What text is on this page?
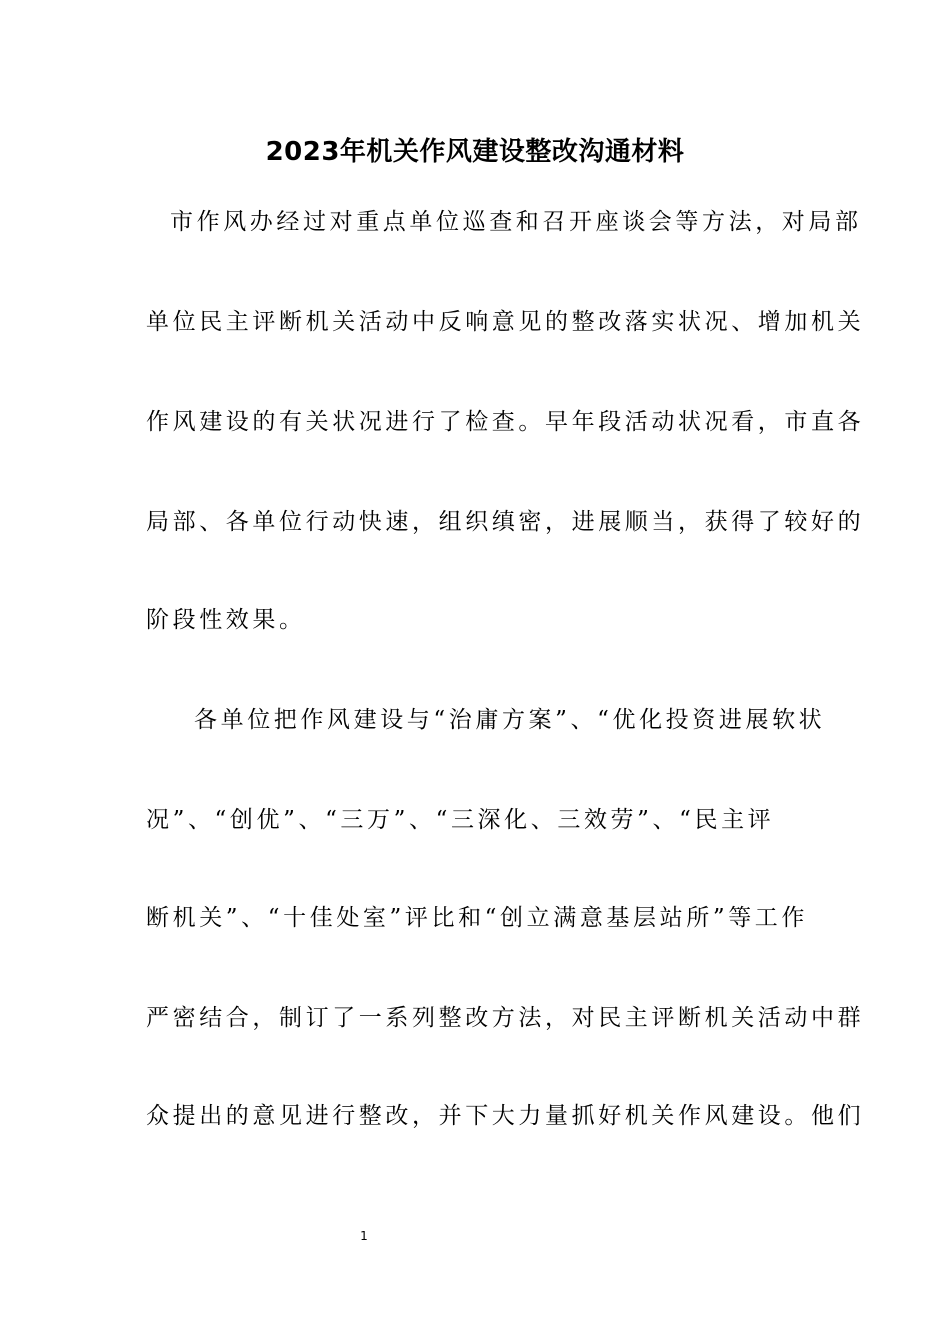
2023年机关作风建设整改沟通材料
市作风办经过对重点单位巡查和召开座谈会等方法，对局部
单位民主评断机关活动中反响意见的整改落实状况、增加机关
作风建设的有关状况进行了检查。早年段活动状况看，市直各
局部、各单位行动快速，组织缜密，进展顺当，获得了较好的
阶段性效果。
各单位把作风建设与“治庸方案”、“优化投资进展软状
况”、“创优”、“三万”、“三深化、三效劳”、“民主评
断机关”、“十佳处室”评比和“创立满意基层站所”等工作
严密结合，制订了一系列整改方法，对民主评断机关活动中群
众提出的意见进行整改，并下大力量抓好机关作风建设。他们
1
